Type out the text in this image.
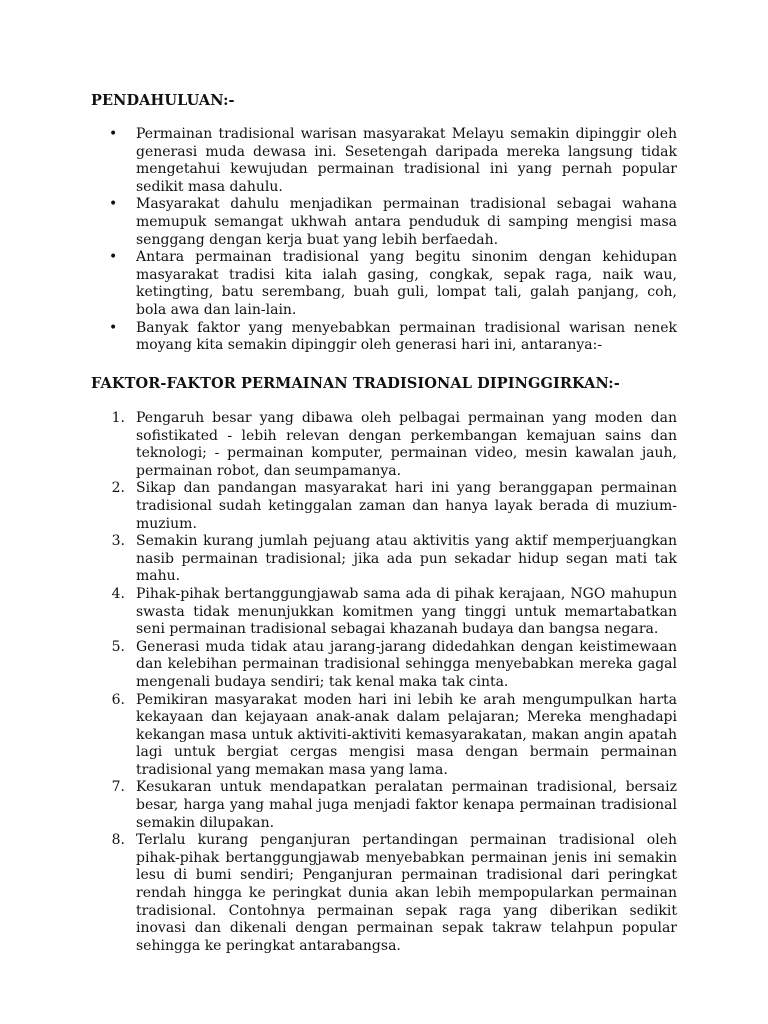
PENDAHULUAN:-
•	Permainan tradisional warisan masyarakat Melayu semakin dipinggir oleh generasi muda dewasa ini. Sesetengah daripada mereka langsung tidak mengetahui kewujudan permainan tradisional ini yang pernah popular sedikit masa dahulu.
•	Masyarakat dahulu menjadikan permainan tradisional sebagai wahana memupuk semangat ukhwah antara penduduk di samping mengisi masa senggang dengan kerja buat yang lebih berfaedah.
•	Antara permainan tradisional yang begitu sinonim dengan kehidupan masyarakat tradisi kita ialah gasing, congkak, sepak raga, naik wau, ketingting, batu serembang, buah guli, lompat tali, galah panjang, coh, bola awa dan lain-lain.
•	Banyak faktor yang menyebabkan permainan tradisional warisan nenek moyang kita semakin dipinggir oleh generasi hari ini, antaranya:-
FAKTOR-FAKTOR PERMAINAN TRADISIONAL DIPINGGIRKAN:-
1. Pengaruh besar yang dibawa oleh pelbagai permainan yang moden dan sofistikated - lebih relevan dengan perkembangan kemajuan sains dan teknologi; - permainan komputer, permainan video, mesin kawalan jauh, permainan robot, dan seumpamanya.
2. Sikap dan pandangan masyarakat hari ini yang beranggapan permainan tradisional sudah ketinggalan zaman dan hanya layak berada di muzium-muzium.
3. Semakin kurang jumlah pejuang atau aktivitis yang aktif memperjuangkan nasib permainan tradisional; jika ada pun sekadar hidup segan mati tak mahu.
4. Pihak-pihak bertanggungjawab sama ada di pihak kerajaan, NGO mahupun swasta tidak menunjukkan komitmen yang tinggi untuk memartabatkan seni permainan tradisional sebagai khazanah budaya dan bangsa negara.
5. Generasi muda tidak atau jarang-jarang didedahkan dengan keistimewaan dan kelebihan permainan tradisional sehingga menyebabkan mereka gagal mengenali budaya sendiri; tak kenal maka tak cinta.
6. Pemikiran masyarakat moden hari ini lebih ke arah mengumpulkan harta kekayaan dan kejayaan anak-anak dalam pelajaran; Mereka menghadapi kekangan masa untuk aktiviti-aktiviti kemasyarakatan, makan angin apatah lagi untuk bergiat cergas mengisi masa dengan bermain permainan tradisional yang memakan masa yang lama.
7. Kesukaran untuk mendapatkan peralatan permainan tradisional, bersaiz besar, harga yang mahal juga menjadi faktor kenapa permainan tradisional semakin dilupakan.
8. Terlalu kurang penganjuran pertandingan permainan tradisional oleh pihak-pihak bertanggungjawab menyebabkan permainan jenis ini semakin lesu di bumi sendiri; Penganjuran permainan tradisional dari peringkat rendah hingga ke peringkat dunia akan lebih mempopularkan permainan tradisional. Contohnya permainan sepak raga yang diberikan sedikit inovasi dan dikenali dengan permainan sepak takraw telahpun popular sehingga ke peringkat antarabangsa.
